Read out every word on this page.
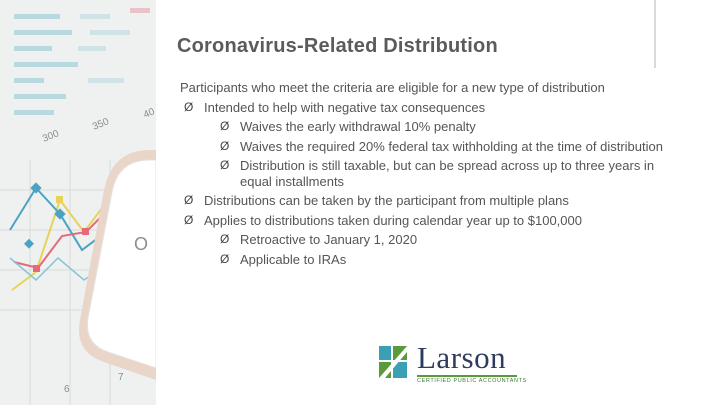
300
350
40
6
7
O
Coronavirus-Related Distribution
Participants who meet the criteria are eligible for a new type of distribution
Ø Intended to help with negative tax consequences
Ø Waives the early withdrawal 10% penalty
Ø Waives the required 20% federal tax withholding at the time of distribution
Ø Distribution is still taxable, but can be spread across up to three years in equal installments
Ø Distributions can be taken by the participant from multiple plans
Ø Applies to distributions taken during calendar year up to $100,000
Ø Retroactive to January 1, 2020
Ø Applicable to IRAs
Larson
CERTIFIED PUBLIC ACCOUNTANTS
